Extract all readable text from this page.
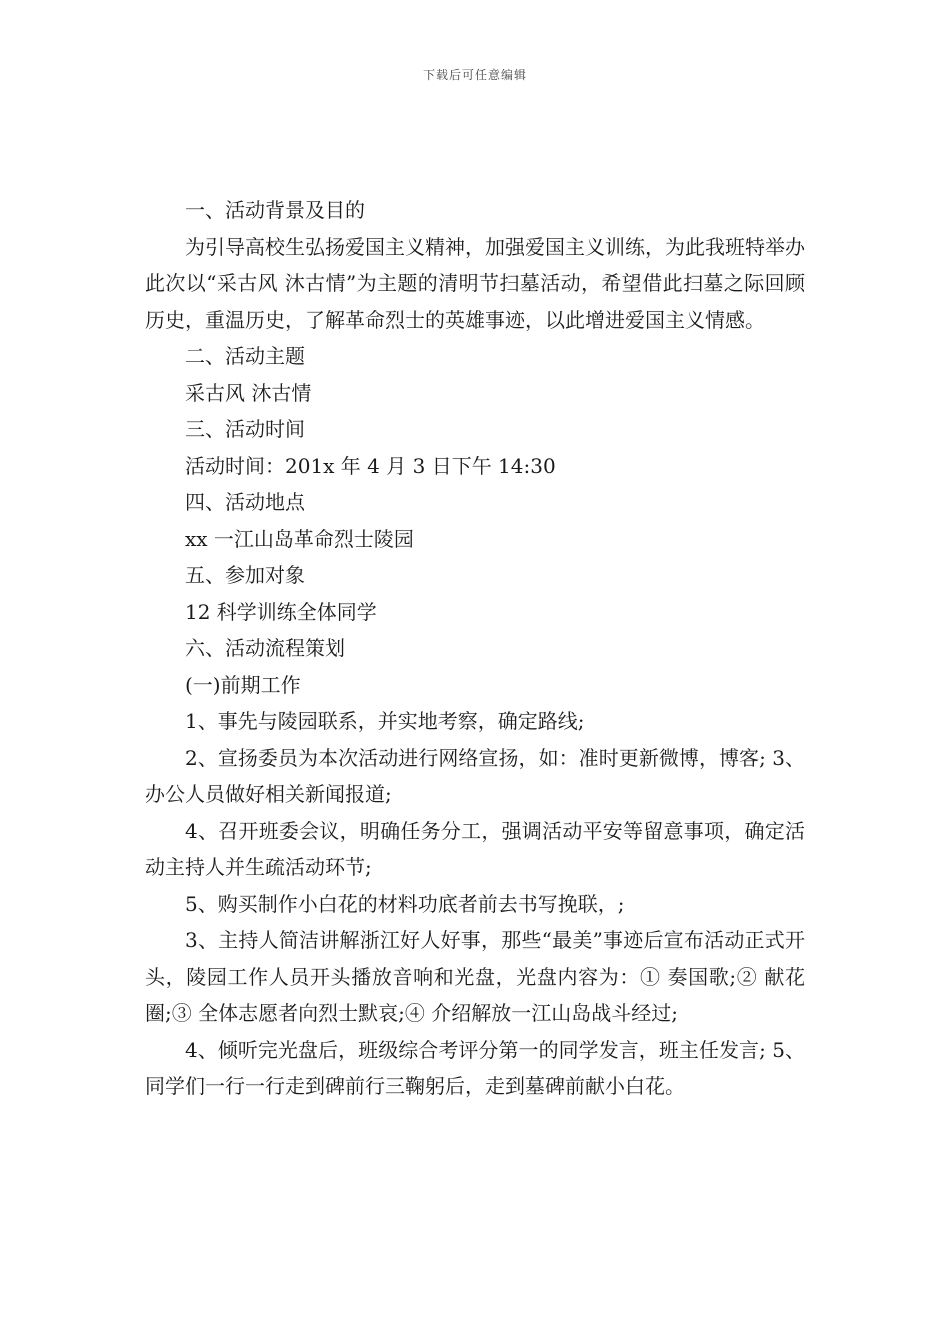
下载后可任意编辑

一、活动背景及目的

为引导高校生弘扬爱国主义精神，加强爱国主义训练，为此我班特举办此次以“采古风 沐古情”为主题的清明节扫墓活动，希望借此扫墓之际回顾历史，重温历史，了解革命烈士的英雄事迹，以此增进爱国主义情感。

二、活动主题

采古风 沐古情

三、活动时间

活动时间：201x 年 4 月 3 日下午 14:30

四、活动地点

xx 一江山岛革命烈士陵园

五、参加对象

12 科学训练全体同学

六、活动流程策划

(一)前期工作

1、事先与陵园联系，并实地考察，确定路线;

2、宣扬委员为本次活动进行网络宣扬，如：准时更新微博，博客; 3、办公人员做好相关新闻报道;

4、召开班委会议，明确任务分工，强调活动平安等留意事项，确定活动主持人并生疏活动环节;

5、购买制作小白花的材料功底者前去书写挽联，;

3、主持人简洁讲解浙江好人好事，那些“最美”事迹后宣布活动正式开头，陵园工作人员开头播放音响和光盘，光盘内容为：① 奏国歌;② 献花圈;③ 全体志愿者向烈士默哀;④ 介绍解放一江山岛战斗经过;

4、倾听完光盘后，班级综合考评分第一的同学发言，班主任发言; 5、同学们一行一行走到碑前行三鞠躬后，走到墓碑前献小白花。
